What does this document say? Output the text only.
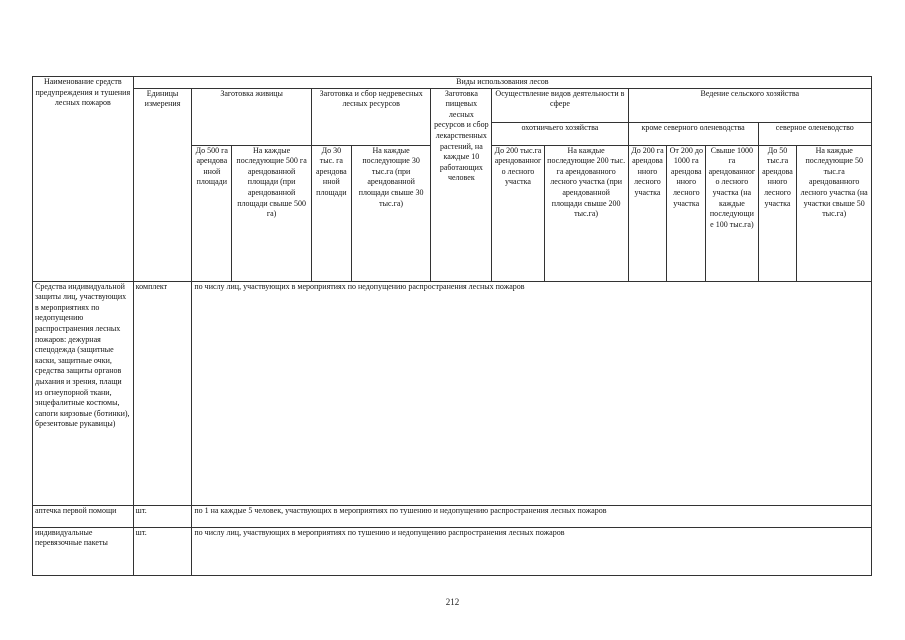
Наименование средств предупреждения и тушения лесных пожаров	Виды использования лесов												
	Единицы измерения	Заготовка живицы		Заготовка и сбор недревесных лесных ресурсов		Заготовка пищевых лесных ресурсов и сбор лекарственных растений, на каждые 10 работающих человек	Осуществление видов деятельности в сфере		Ведение сельского хозяйства				
							охотничьего хозяйства		кроме северного оленеводства			северное оленеводство	
		До 500 га арендованной площади	На каждые последующие 500 га арендованной площади (при арендованной площади свыше 500 га)	До 30 тыс. га арендованной площади	На каждые последующие 30 тыс.га (при арендованной площади свыше 30 тыс.га)		До 200 тыс.га арендованного лесного участка	На каждые последующие 200 тыс. га арендованного лесного участка (при арендованной площади свыше 200 тыс.га)	До 200 га арендованного лесного участка	От 200 до 1000 га арендованного лесного участка	Свыше 1000 га арендованного лесного участка (на каждые последующие 100 тыс.га)	До 50 тыс.га арендованного лесного участка	На каждые последующие 50 тыс.га арендованного лесного участка (на участки свыше 50 тыс.га)
Средства индивидуальной защиты лиц, участвующих в мероприятиях по недопущению распространения лесных пожаров: дежурная спецодежда (защитные каски, защитные очки, средства защиты органов дыхания и зрения, плащи из огнеупорной ткани, энцефалитные костюмы, сапоги кирзовые (ботинки), брезентовые рукавицы)	комплект	по числу лиц, участвующих в мероприятиях по недопущению распространения лесных пожаров											
аптечка первой помощи	шт.	по 1 на каждые 5 человек, участвующих в мероприятиях по тушению и недопущению распространения лесных пожаров											
индивидуальные перевязочные пакеты	шт.	по числу лиц, участвующих в мероприятиях по тушению и недопущению распространения лесных пожаров											
212
